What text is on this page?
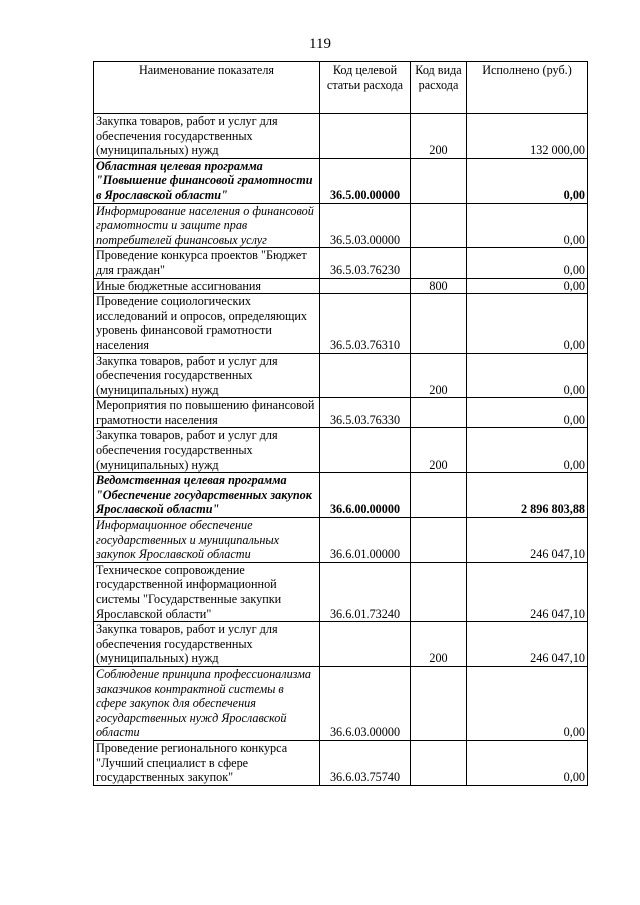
119
Наименование показателя	Код целевой статьи расхода	Код вида расхода	Исполнено (руб.)
Закупка товаров, работ и услуг для обеспечения государственных (муниципальных) нужд		200	132 000,00
Областная целевая программа "Повышение финансовой грамотности в Ярославской области"	36.5.00.00000		0,00
Информирование населения о финансовой грамотности и защите прав потребителей финансовых услуг	36.5.03.00000		0,00
Проведение конкурса проектов "Бюджет для граждан"	36.5.03.76230		0,00
Иные бюджетные ассигнования		800	0,00
Проведение социологических исследований и опросов, определяющих уровень финансовой грамотности населения	36.5.03.76310		0,00
Закупка товаров, работ и услуг для обеспечения государственных (муниципальных) нужд		200	0,00
Мероприятия по повышению финансовой грамотности населения	36.5.03.76330		0,00
Закупка товаров, работ и услуг для обеспечения государственных (муниципальных) нужд		200	0,00
Ведомственная целевая программа "Обеспечение государственных закупок Ярославской области"	36.6.00.00000		2 896 803,88
Информационное обеспечение государственных и муниципальных закупок Ярославской области	36.6.01.00000		246 047,10
Техническое сопровождение государственной информационной системы "Государственные закупки Ярославской области"	36.6.01.73240		246 047,10
Закупка товаров, работ и услуг для обеспечения государственных (муниципальных) нужд		200	246 047,10
Соблюдение принципа профессионализма заказчиков контрактной системы в сфере закупок для обеспечения государственных нужд Ярославской области	36.6.03.00000		0,00
Проведение регионального конкурса "Лучший специалист в сфере государственных закупок"	36.6.03.75740		0,00
